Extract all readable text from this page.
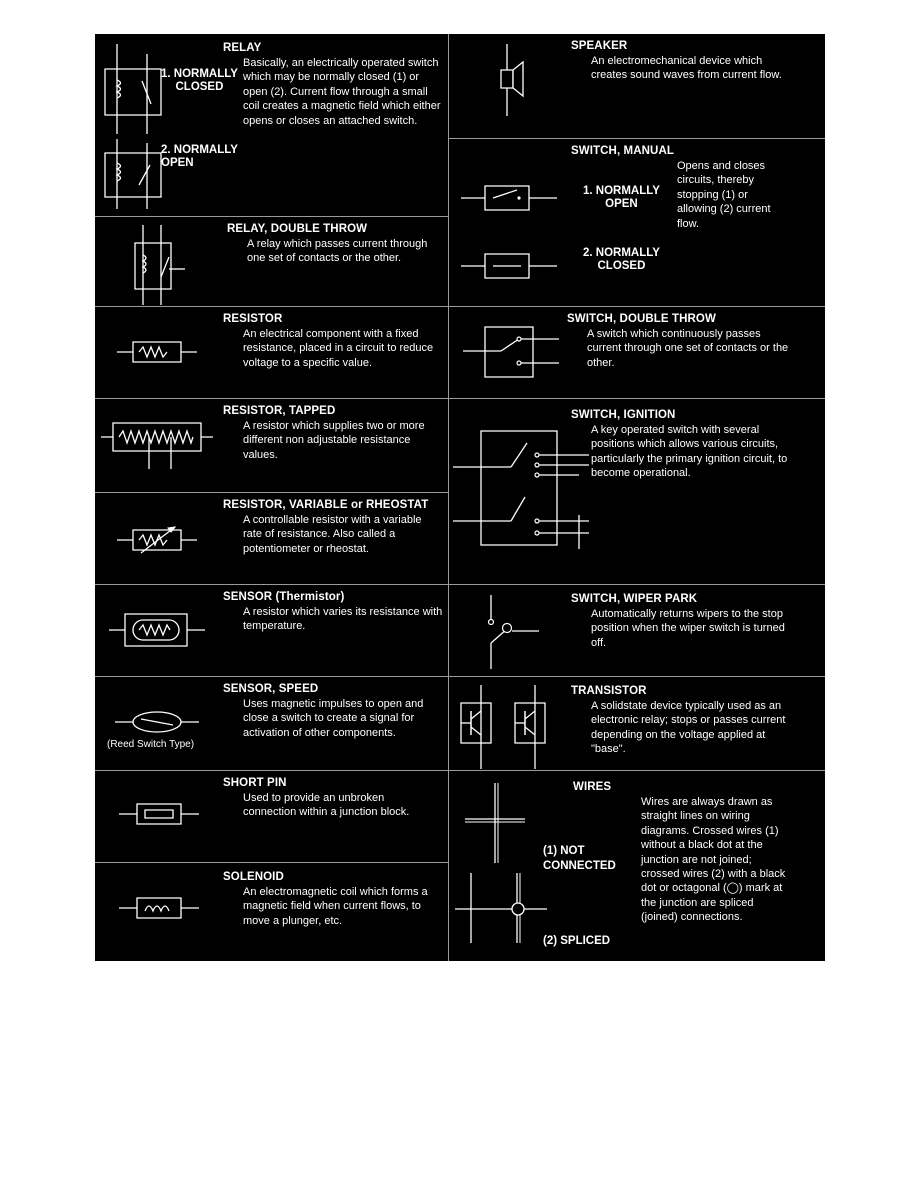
1. NORMALLY
CLOSED
2. NORMALLY
OPEN
RELAY
Basically, an electrically operated switch which may be normally closed (1) or open (2). Current flow through a small coil creates a magnetic field which either opens or closes an attached switch.
RELAY, DOUBLE THROW
A relay which passes current through one set of contacts or the other.
RESISTOR
An electrical component with a fixed resistance, placed in a circuit to reduce voltage to a specific value.
RESISTOR, TAPPED
A resistor which supplies two or more different non adjustable resistance values.
RESISTOR, VARIABLE or RHEOSTAT
A controllable resistor with a variable rate of resistance. Also called a potentiometer or rheostat.
SENSOR (Thermistor)
A resistor which varies its resistance with temperature.
(Reed Switch Type)
SENSOR, SPEED
Uses magnetic impulses to open and close a switch to create a signal for activation of other components.
SHORT PIN
Used to provide an unbroken connection within a junction block.
SOLENOID
An electromagnetic coil which forms a magnetic field when current flows, to move a plunger, etc.
SPEAKER
An electromechanical device which creates sound waves from current flow.
1. NORMALLY
OPEN
2. NORMALLY
CLOSED
SWITCH, MANUAL
Opens and closes circuits, thereby stopping (1) or allowing (2) current flow.
SWITCH, DOUBLE THROW
A switch which continuously passes current through one set of contacts or the other.
SWITCH, IGNITION
A key operated switch with several positions which allows various circuits, particularly the primary ignition circuit, to become operational.
SWITCH, WIPER PARK
Automatically returns wipers to the stop position when the wiper switch is turned off.
TRANSISTOR
A solidstate device typically used as an electronic relay; stops or passes current depending on the voltage applied at "base".
(1) NOT
CONNECTED
(2) SPLICED
WIRES
Wires are always drawn as straight lines on wiring diagrams. Crossed wires (1) without a black dot at the junction are not joined; crossed wires (2) with a black dot or octagonal (◯) mark at the junction are spliced (joined) connections.
